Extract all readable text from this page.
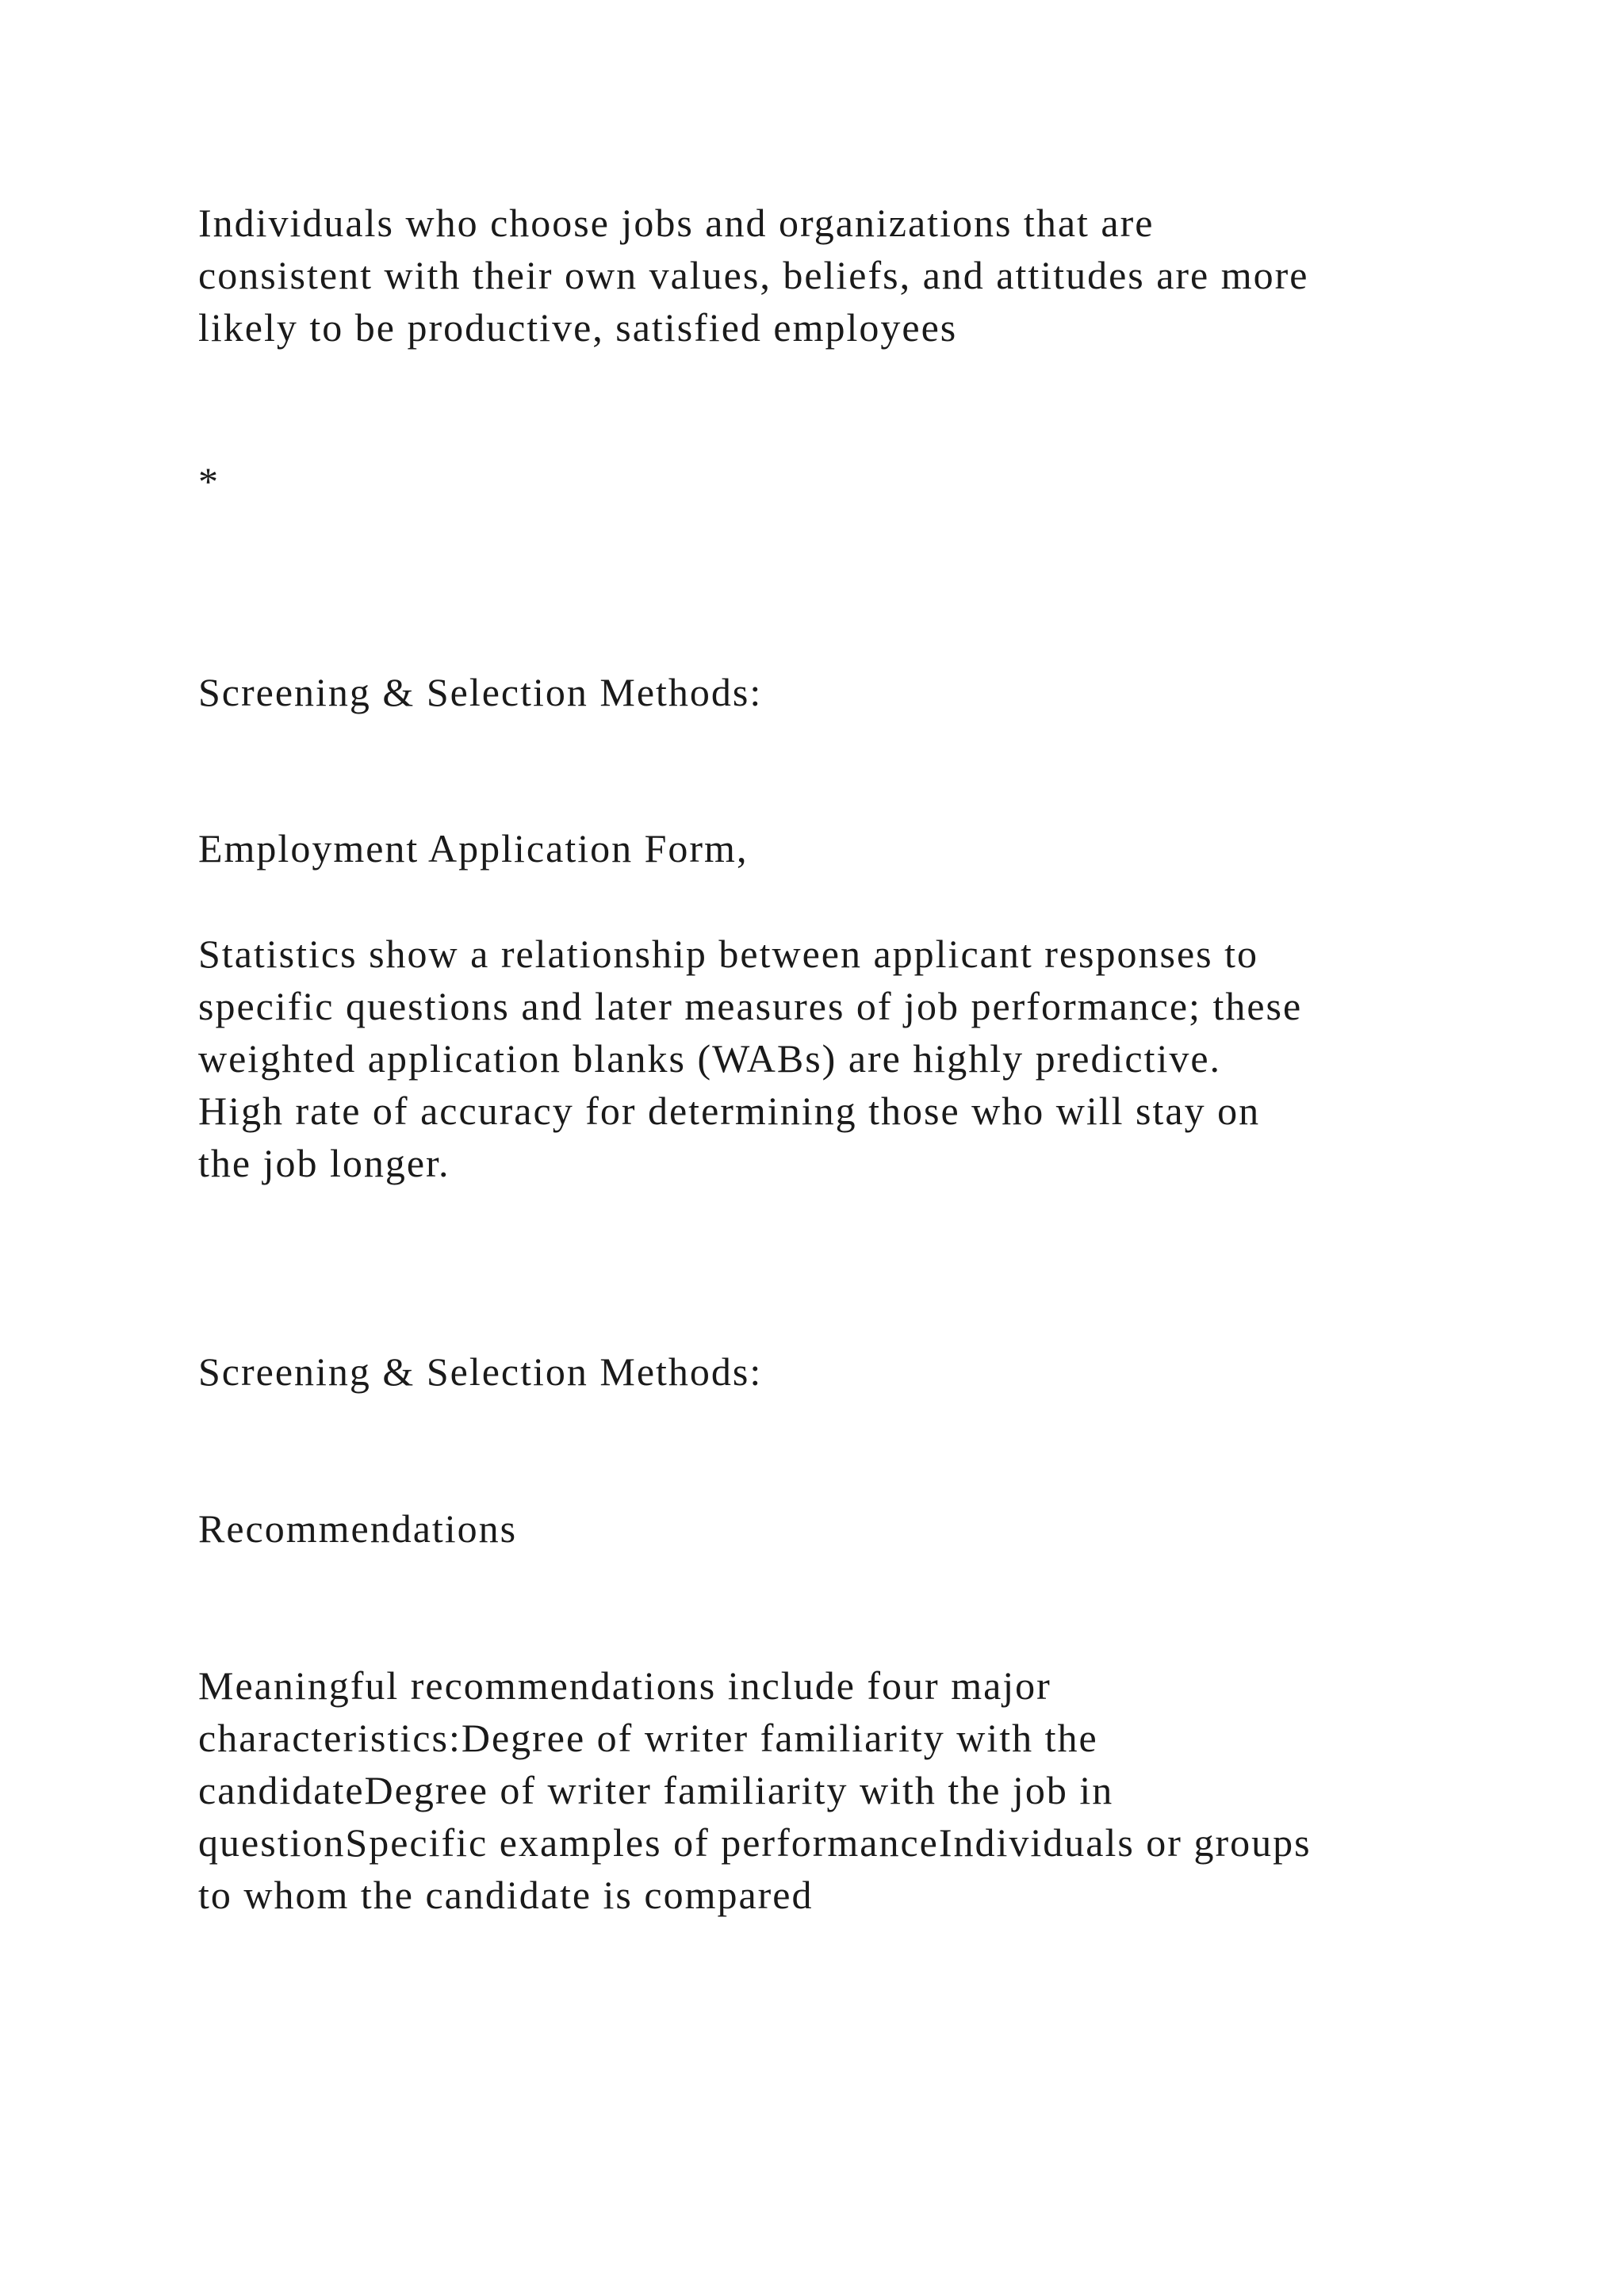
Individuals who choose jobs and organizations that are
consistent with their own values, beliefs, and attitudes are more
likely to be productive, satisfied employees

*

Screening & Selection Methods:

Employment Application Form,

Statistics show a relationship between applicant responses to
specific questions and later measures of job performance; these
weighted application blanks (WABs) are highly predictive.
High rate of accuracy for determining those who will stay on
the job longer.

Screening & Selection Methods:

Recommendations

Meaningful recommendations include four major
characteristics:Degree of writer familiarity with the
candidateDegree of writer familiarity with the job in
questionSpecific examples of performanceIndividuals or groups
to whom the candidate is compared
